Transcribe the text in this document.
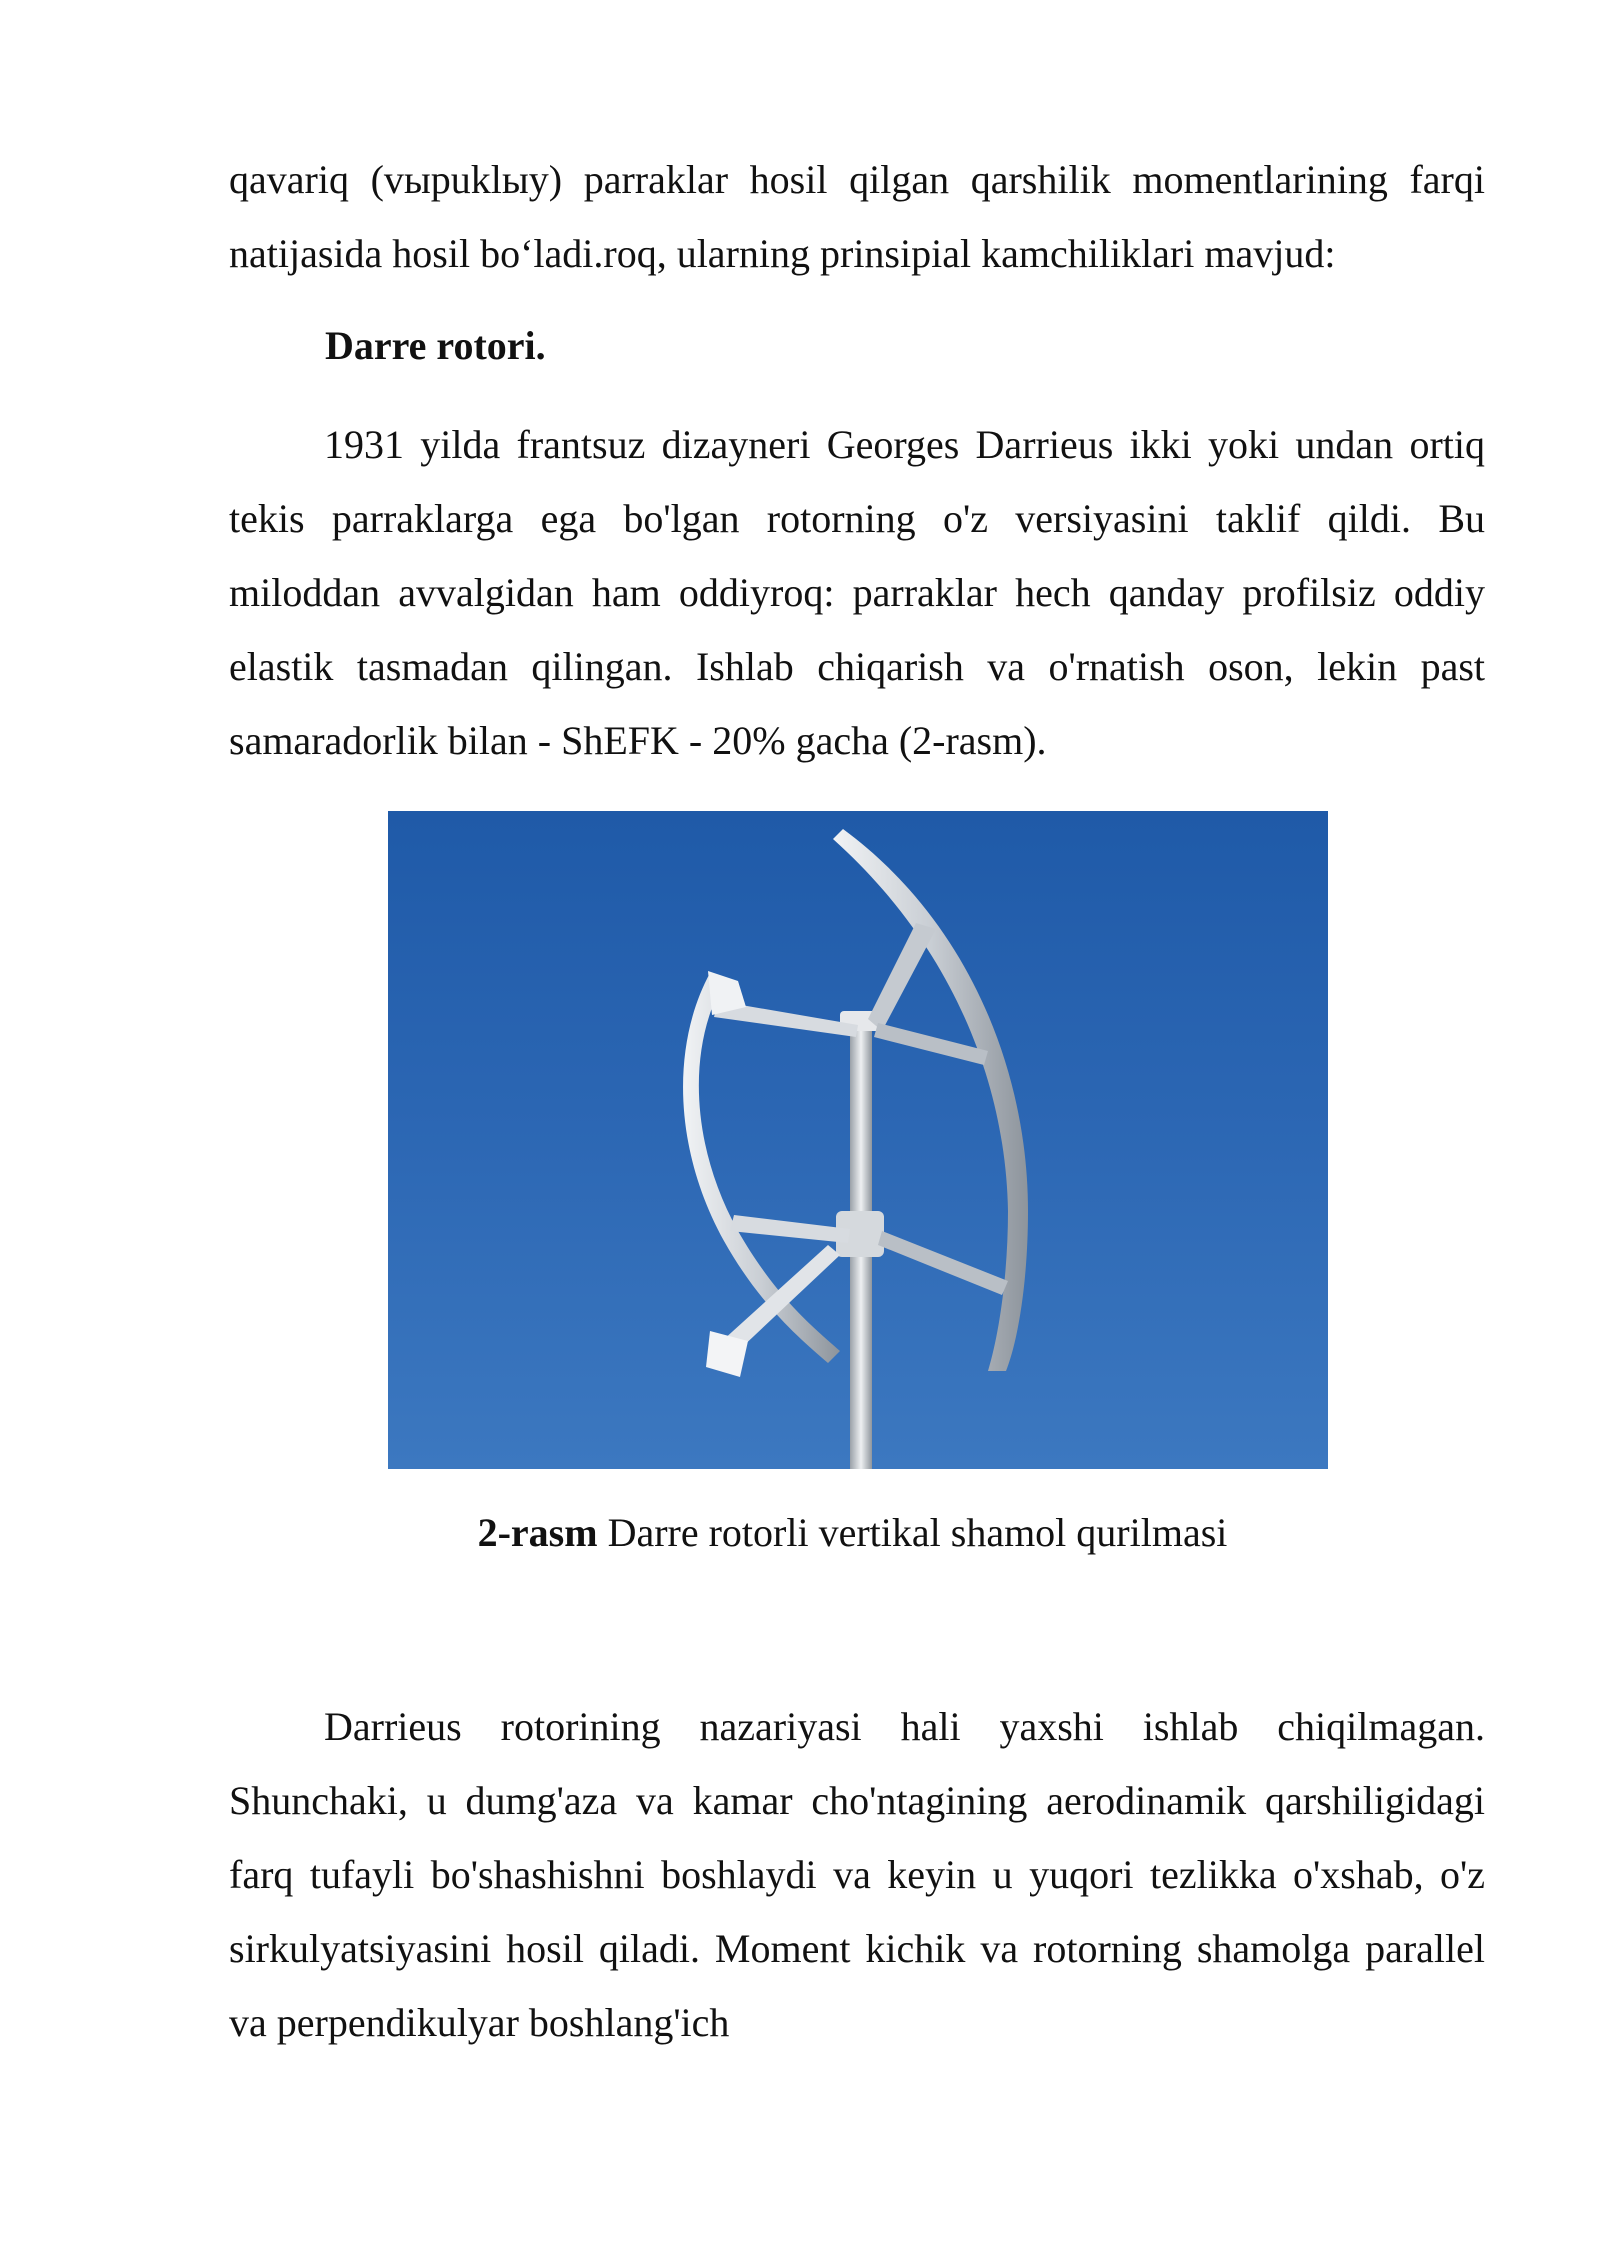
qavariq (vыpuklыy) parraklar hosil qilgan qarshilik momentlarining farqi natijasida hosil bo‘ladi.roq, ularning prinsipial kamchiliklari mavjud:

Darre rotori.

1931 yilda frantsuz dizayneri Georges Darrieus ikki yoki undan ortiq tekis parraklarga ega bo'lgan rotorning o'z versiyasini taklif qildi. Bu miloddan avvalgidan ham oddiyroq: parraklar hech qanday profilsiz oddiy elastik tasmadan qilingan. Ishlab chiqarish va o'rnatish oson, lekin past samaradorlik bilan - ShEFK - 20% gacha (2-rasm).

2-rasm Darre rotorli vertikal shamol qurilmasi

Darrieus rotorining nazariyasi hali yaxshi ishlab chiqilmagan. Shunchaki, u dumg'aza va kamar cho'ntagining aerodinamik qarshiligidagi farq tufayli bo'shashishni boshlaydi va keyin u yuqori tezlikka o'xshab, o'z sirkulyatsiyasini hosil qiladi. Moment kichik va rotorning shamolga parallel va perpendikulyar boshlang'ich
